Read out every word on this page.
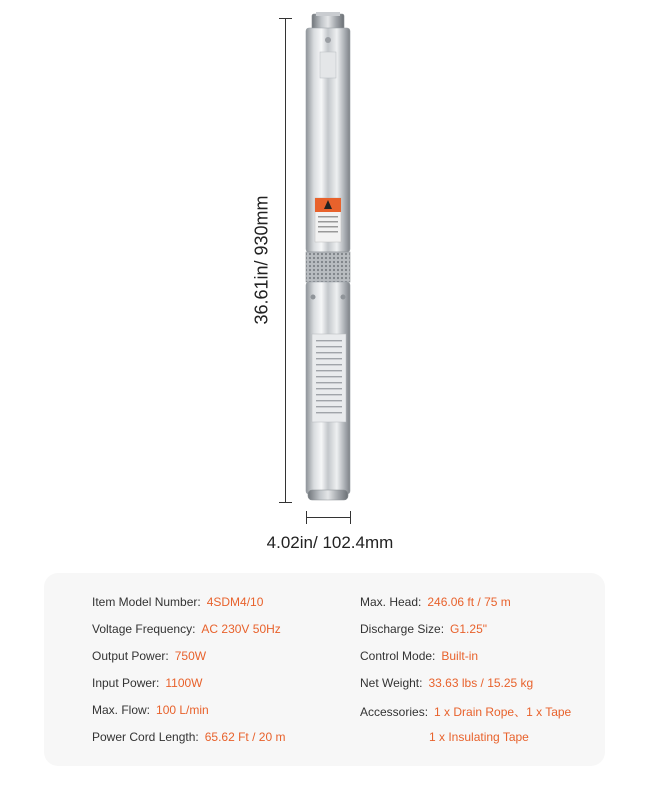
36.61in/ 930mm
4.02in/ 102.4mm
Item Model Number: 4SDM4/10
Voltage Frequency: AC 230V 50Hz
Output Power: 750W
Input Power: 1100W
Max. Flow: 100 L/min
Power Cord Length: 65.62 Ft / 20 m
Max. Head: 246.06 ft / 75 m
Discharge Size: G1.25"
Control Mode: Built-in
Net Weight: 33.63 lbs / 15.25 kg
Accessories: 1 x Drain Rope、1 x Tape
1 x Insulating Tape
